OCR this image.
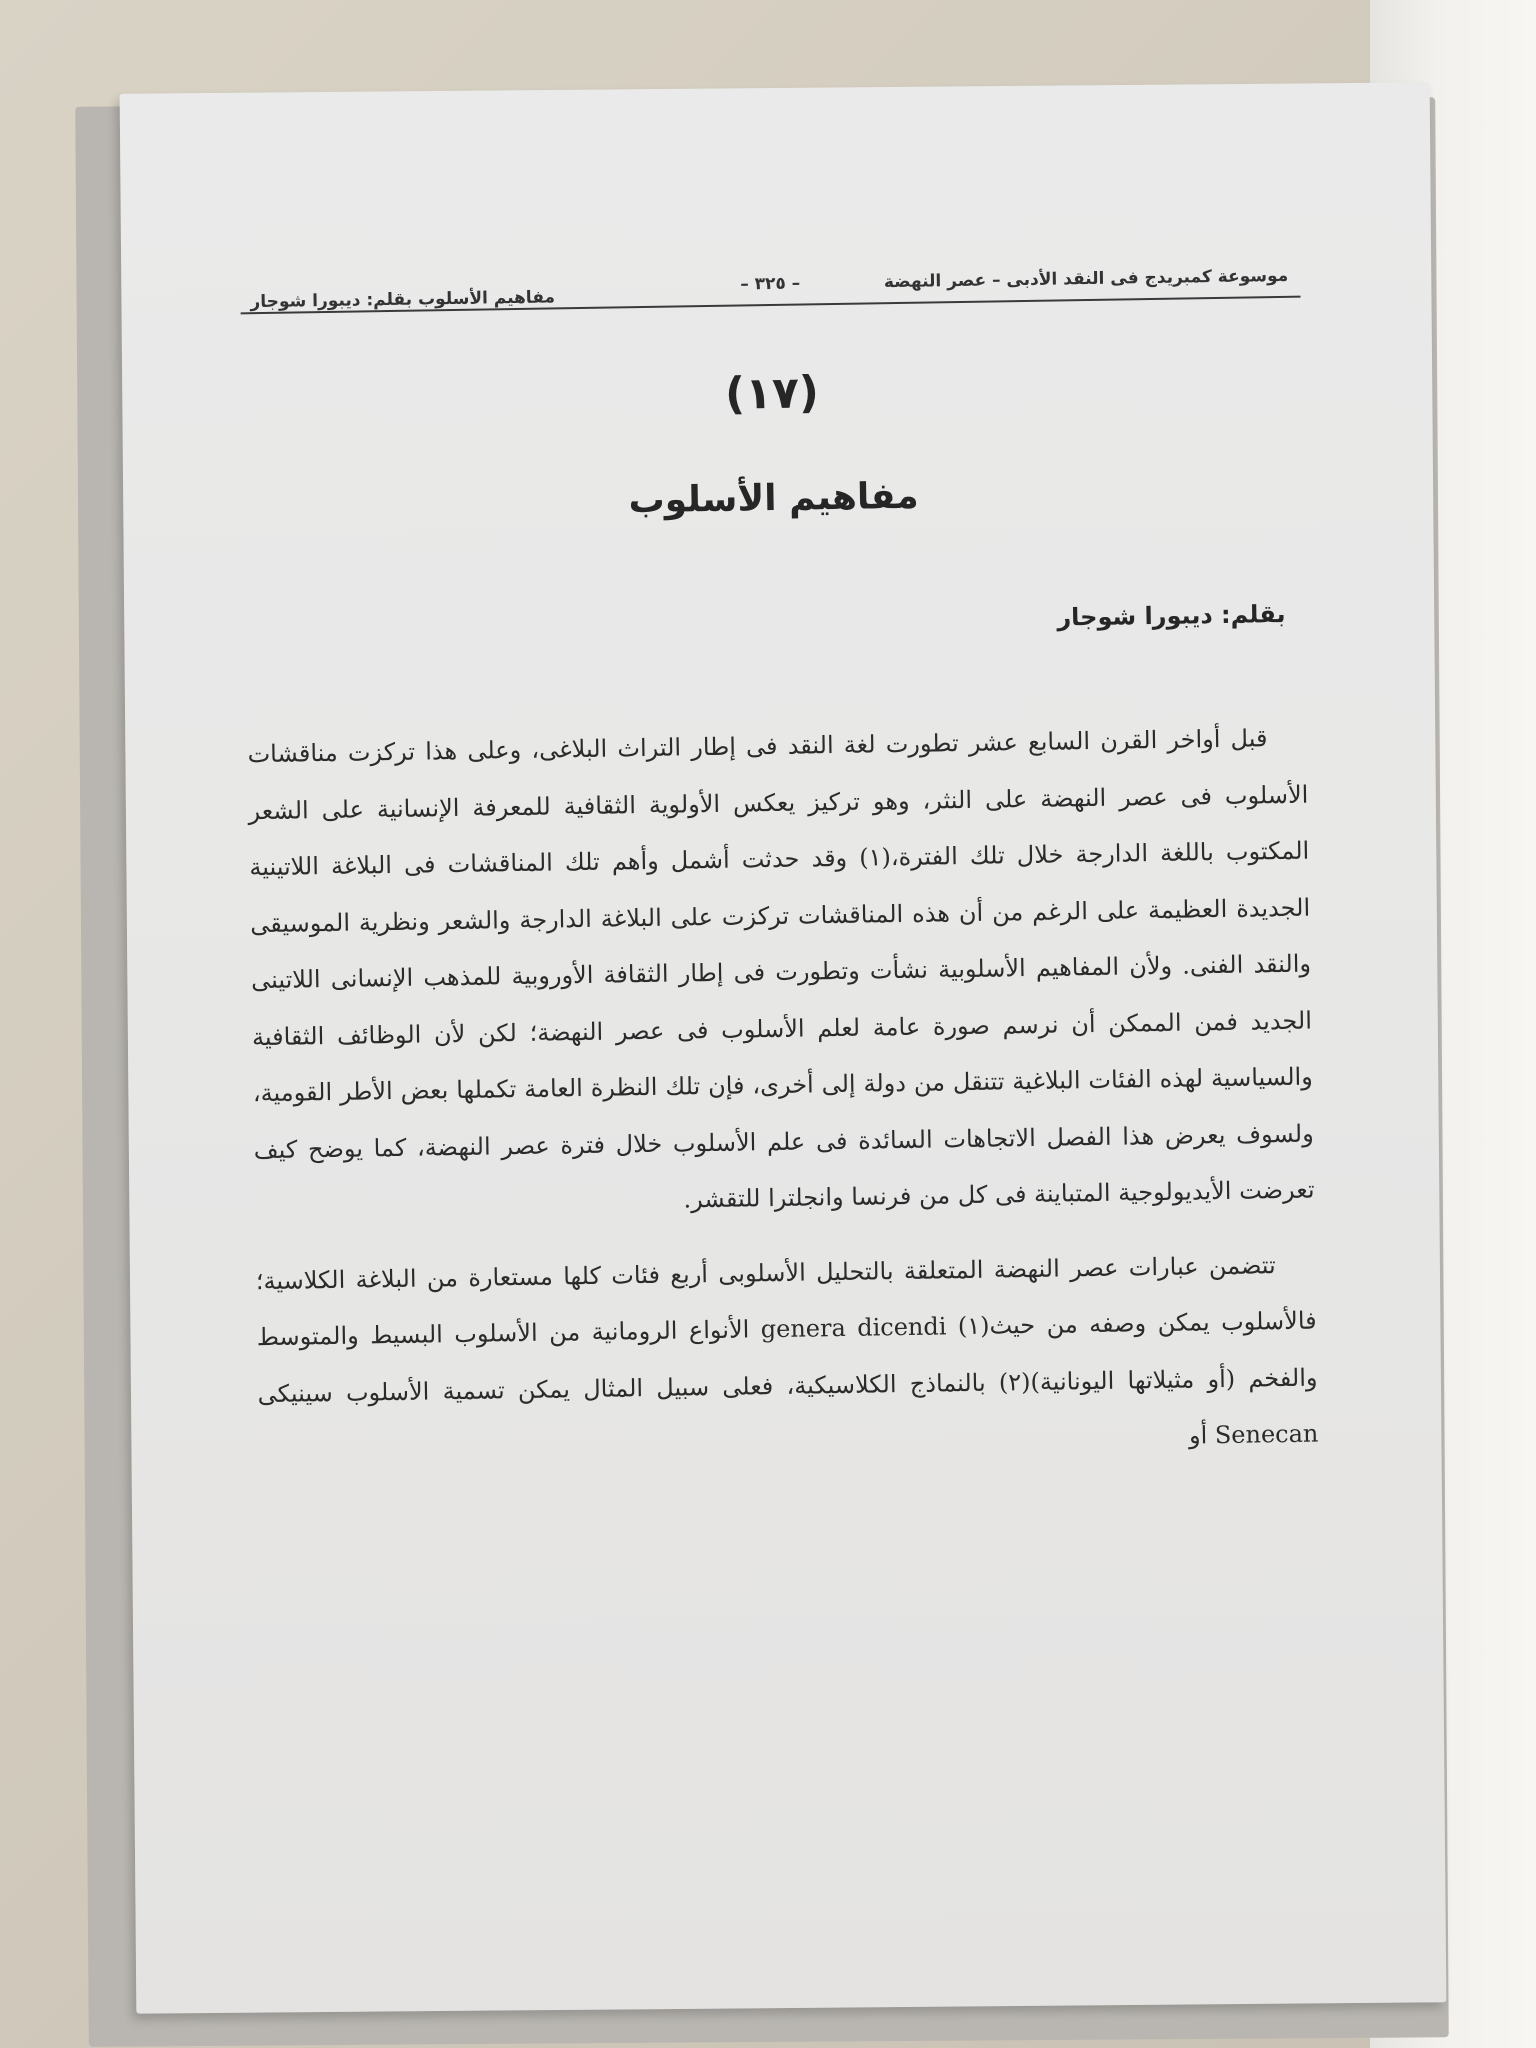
موسوعة كمبريدج فى النقد الأدبى – عصر النهضة
– ٣٢٥ –
مفاهيم الأسلوب بقلم: ديبورا شوجار
(١٧)
مفاهيم الأسلوب
بقلم: ديبورا شوجار

قبل أواخر القرن السابع عشر تطورت لغة النقد فى إطار التراث البلاغى، وعلى هذا تركزت مناقشات الأسلوب فى عصر النهضة على النثر، وهو تركيز يعكس الأولوية الثقافية للمعرفة الإنسانية على الشعر المكتوب باللغة الدارجة خلال تلك الفترة،(١) وقد حدثت أشمل وأهم تلك المناقشات فى البلاغة اللاتينية الجديدة العظيمة على الرغم من أن هذه المناقشات تركزت على البلاغة الدارجة والشعر ونظرية الموسيقى والنقد الفنى. ولأن المفاهيم الأسلوبية نشأت وتطورت فى إطار الثقافة الأوروبية للمذهب الإنسانى اللاتينى الجديد فمن الممكن أن نرسم صورة عامة لعلم الأسلوب فى عصر النهضة؛ لكن لأن الوظائف الثقافية والسياسية لهذه الفئات البلاغية تتنقل من دولة إلى أخرى، فإن تلك النظرة العامة تكملها بعض الأطر القومية، ولسوف يعرض هذا الفصل الاتجاهات السائدة فى علم الأسلوب خلال فترة عصر النهضة، كما يوضح كيف تعرضت الأيديولوجية المتباينة فى كل من فرنسا وانجلترا للتقشر.

تتضمن عبارات عصر النهضة المتعلقة بالتحليل الأسلوبى أربع فئات كلها مستعارة من البلاغة الكلاسية؛ فالأسلوب يمكن وصفه من حيث(١) genera dicendi الأنواع الرومانية من الأسلوب البسيط والمتوسط والفخم (أو مثيلاتها اليونانية)(٢) بالنماذج الكلاسيكية، فعلى سبيل المثال يمكن تسمية الأسلوب سينيكى Senecan أو
